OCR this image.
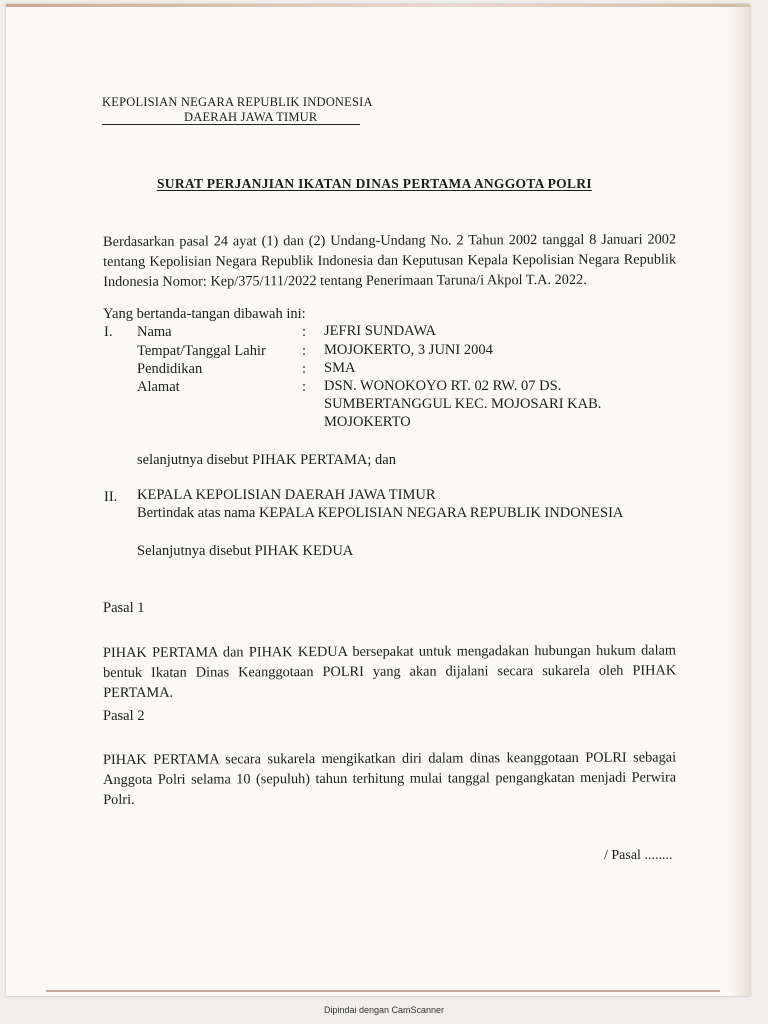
KEPOLISIAN NEGARA REPUBLIK INDONESIA
DAERAH JAWA TIMUR
SURAT PERJANJIAN IKATAN DINAS PERTAMA ANGGOTA POLRI
Berdasarkan pasal 24 ayat (1) dan (2) Undang-Undang No. 2 Tahun 2002 tanggal 8 Januari 2002 tentang Kepolisian Negara Republik Indonesia dan Keputusan Kepala Kepolisian Negara Republik Indonesia Nomor: Kep/375/111/2022 tentang Penerimaan Taruna/i Akpol T.A. 2022.
Yang bertanda-tangan dibawah ini:
I. Nama	: JEFRI SUNDAWA
Tempat/Tanggal Lahir : MOJOKERTO, 3 JUNI 2004
Pendidikan	: SMA
Alamat	: DSN. WONOKOYO RT. 02 RW. 07 DS.
SUMBERTANGGUL KEC. MOJOSARI KAB.
MOJOKERTO
selanjutnya disebut PIHAK PERTAMA; dan
II. KEPALA KEPOLISIAN DAERAH JAWA TIMUR
Bertindak atas nama KEPALA KEPOLISIAN NEGARA REPUBLIK INDONESIA
Selanjutnya disebut PIHAK KEDUA
Pasal 1
PIHAK PERTAMA dan PIHAK KEDUA bersepakat untuk mengadakan hubungan hukum dalam bentuk Ikatan Dinas Keanggotaan POLRI yang akan dijalani secara sukarela oleh PIHAK PERTAMA.
Pasal 2
PIHAK PERTAMA secara sukarela mengikatkan diri dalam dinas keanggotaan POLRI sebagai Anggota Polri selama 10 (sepuluh) tahun terhitung mulai tanggal pengangkatan menjadi Perwira Polri.
/ Pasal ........
Dipindai dengan CamScanner
